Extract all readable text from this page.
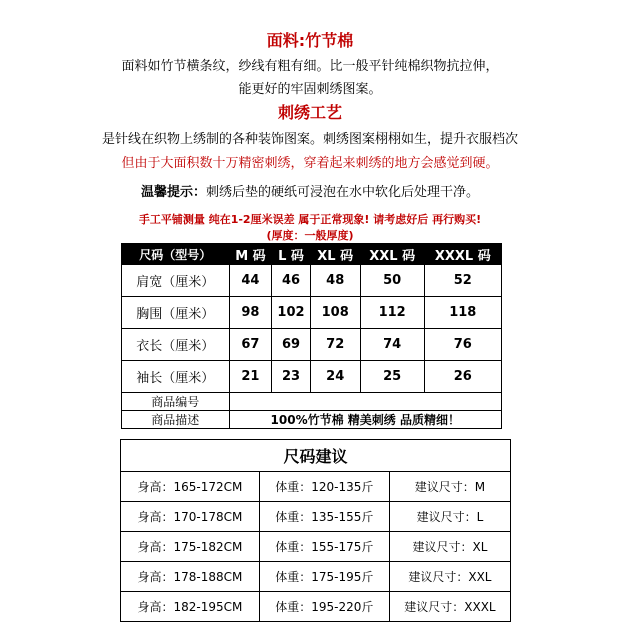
面料:竹节棉
面料如竹节横条纹，纱线有粗有细。比一般平针纯棉织物抗拉伸，
能更好的牢固刺绣图案。
刺绣工艺
是针线在织物上绣制的各种装饰图案。刺绣图案栩栩如生，提升衣服档次
但由于大面积数十万精密刺绣，穿着起来刺绣的地方会感觉到硬。
温馨提示：刺绣后垫的硬纸可浸泡在水中软化后处理干净。
手工平铺测量 纯在1-2厘米误差 属于正常现象! 请考虑好后 再行购买!
(厚度：一般厚度)
尺码（型号）	M 码	L 码	XL 码	XXL 码	XXXL 码
肩宽（厘米）	44	46	48	50	52
胸围（厘米）	98	102	108	112	118
衣长（厘米）	67	69	72	74	76
袖长（厘米）	21	23	24	25	26
商品编号					
商品描述	100%竹节棉 精美刺绣 品质精细！				
尺码建议		
身高：165-172CM	体重：120-135斤	建议尺寸：M
身高：170-178CM	体重：135-155斤	建议尺寸：L
身高：175-182CM	体重：155-175斤	建议尺寸：XL
身高：178-188CM	体重：175-195斤	建议尺寸：XXL
身高：182-195CM	体重：195-220斤	建议尺寸：XXXL
